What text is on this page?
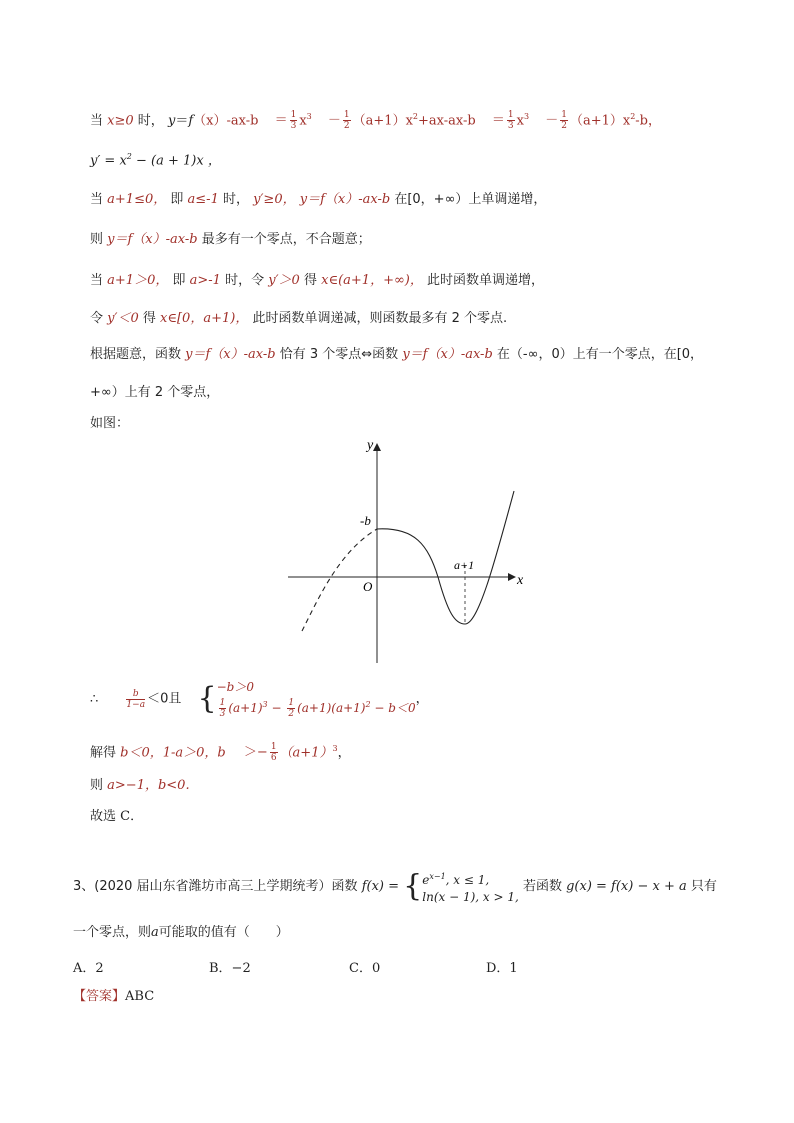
当 x≥0 时， $y=f(x)-ax-b = \frac{1}{3} x^3 - \frac{1}{2} (a+1)x^2+ax-ax-b = \frac{1}{3} x^3 - \frac{1}{2} (a+1)x^2-b$，
$y' = x^2 - (a + 1)x$ ，
当 a+1≤0， 即 a≤-1 时， y′≥0， y＝f（x）-ax-b 在[0，+∞）上单调递增，
则 y＝f（x）-ax-b 最多有一个零点，不合题意；
当 a+1＞0， 即 a>-1 时，令 y′＞0 得 x∈(a+1，+∞)， 此时函数单调递增，
令 y′＜0 得 x∈[0，a+1)， 此时函数单调递减，则函数最多有 2 个零点.
根据题意，函数 y＝f（x）-ax-b 恰有 3 个零点⇔函数 y＝f（x）-ax-b 在（-∞，0）上有一个零点，在[0，
+∞）上有 2 个零点，
如图：
y
x
O
-b
a+1
∴	$\frac{b}{1-a} <0$且 {−b＞0

$\frac{1}{3} (a+1)^3 - \frac{1}{2} (a+1)(a+1)^2 - b<0$，
解得 b＜0，1-a＞0，$b >- \frac{1}{6} (a+1)^3$，
则 a>−1，b<0.
故选 C．
3、(2020 届山东省潍坊市高三上学期统考）函数 $f(x) = \{e^{x-1}$, x ≤ 1,
ln(x − 1), x > 1, 若函数 g(x) = f(x) − x + a 只有
一个零点，则a可能取的值有（　　）
A．2	B．−2	C．0	D．1
【答案】ABC
